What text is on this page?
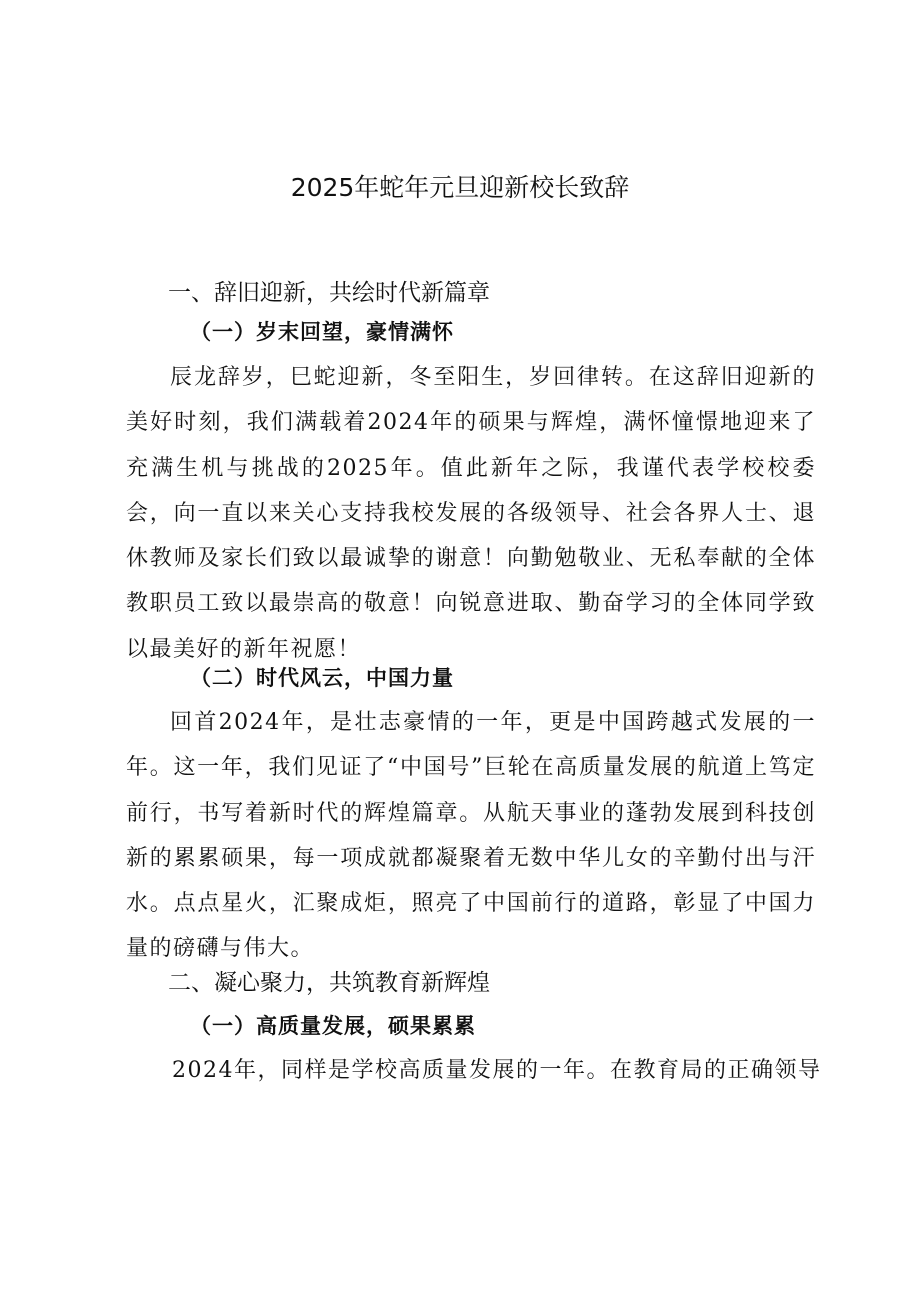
2025年蛇年元旦迎新校长致辞
一、辞旧迎新，共绘时代新篇章
（一）岁末回望，豪情满怀

辰龙辞岁，巳蛇迎新，冬至阳生，岁回律转。在这辞旧迎新的美好时刻，我们满载着2024年的硕果与辉煌，满怀憧憬地迎来了充满生机与挑战的2025年。值此新年之际，我谨代表学校校委会，向一直以来关心支持我校发展的各级领导、社会各界人士、退休教师及家长们致以最诚挚的谢意！向勤勉敬业、无私奉献的全体教职员工致以最崇高的敬意！向锐意进取、勤奋学习的全体同学致以最美好的新年祝愿！

（二）时代风云，中国力量

回首2024年，是壮志豪情的一年，更是中国跨越式发展的一年。这一年，我们见证了“中国号”巨轮在高质量发展的航道上笃定前行，书写着新时代的辉煌篇章。从航天事业的蓬勃发展到科技创新的累累硕果，每一项成就都凝聚着无数中华儿女的辛勤付出与汗水。点点星火，汇聚成炬，照亮了中国前行的道路，彰显了中国力量的磅礴与伟大。

二、凝心聚力，共筑教育新辉煌
（一）高质量发展，硕果累累

2024年，同样是学校高质量发展的一年。在教育局的正确领导
